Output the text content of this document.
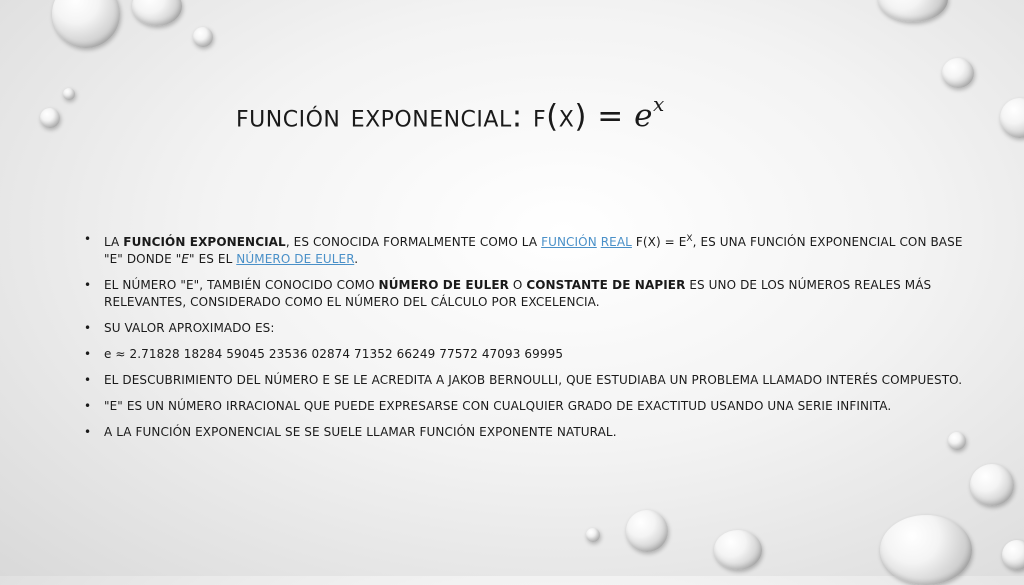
función exponencial: $f(x) = e^x$
• LA FUNCIÓN EXPONENCIAL, ES CONOCIDA FORMALMENTE COMO LA FUNCIÓN REAL $F(X) = E^X$, ES UNA FUNCIÓN EXPONENCIAL CON BASE "E" DONDE "E" ES EL NÚMERO DE EULER.
• EL NÚMERO "E", TAMBIÉN CONOCIDO COMO NÚMERO DE EULER O CONSTANTE DE NAPIER ES UNO DE LOS NÚMEROS REALES MÁS RELEVANTES, CONSIDERADO COMO EL NÚMERO DEL CÁLCULO POR EXCELENCIA.
• SU VALOR APROXIMADO ES:
• e ≈ 2.71828 18284 59045 23536 02874 71352 66249 77572 47093 69995
• EL DESCUBRIMIENTO DEL NÚMERO E SE LE ACREDITA A JAKOB BERNOULLI, QUE ESTUDIABA UN PROBLEMA LLAMADO INTERÉS COMPUESTO.
• "E" ES UN NÚMERO IRRACIONAL QUE PUEDE EXPRESARSE CON CUALQUIER GRADO DE EXACTITUD USANDO UNA SERIE INFINITA.
• A LA FUNCIÓN EXPONENCIAL SE SE SUELE LLAMAR FUNCIÓN EXPONENTE NATURAL.
